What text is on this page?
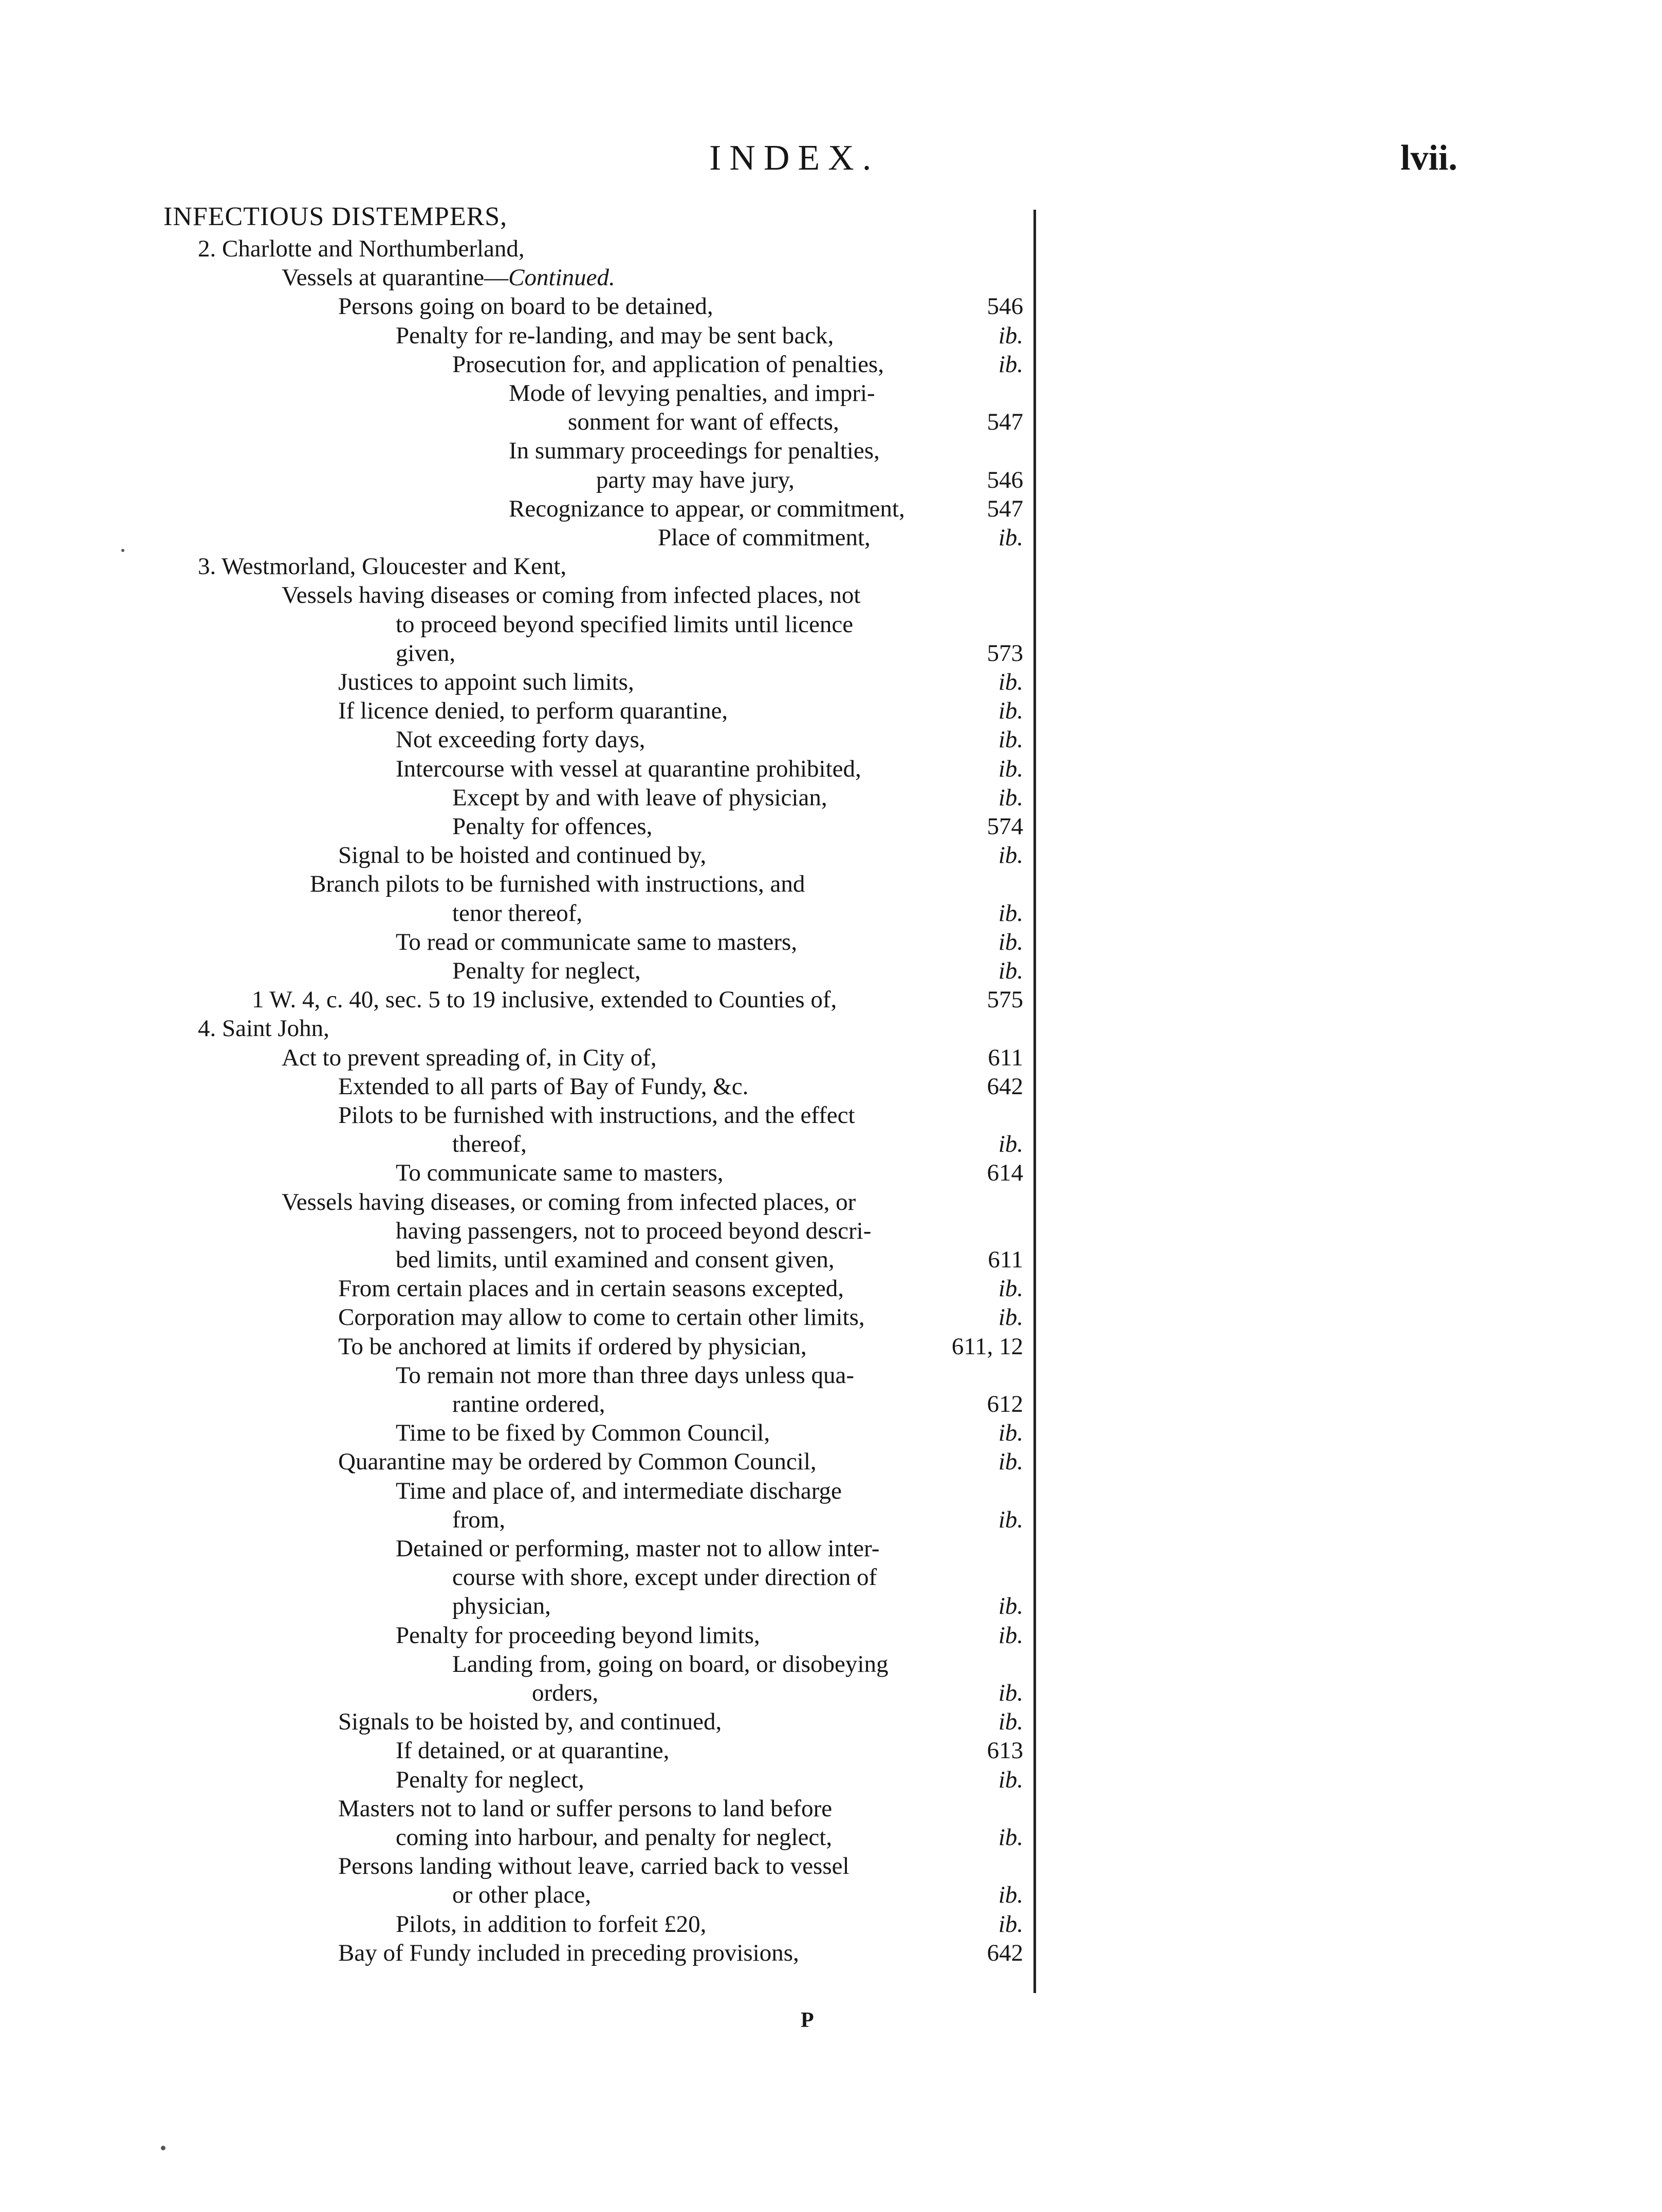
INDEX.	lvii.
INFECTIOUS DISTEMPERS,
2. Charlotte and Northumberland,
Vessels at quarantine—Continued.
Persons going on board to be detained,	546
Penalty for re-landing, and may be sent back,	ib.
Prosecution for, and application of penalties,	ib.
Mode of levying penalties, and impri-
sonment for want of effects,	547
In summary proceedings for penalties,
party may have jury,	546
Recognizance to appear, or commitment,	547
Place of commitment,	ib.
3. Westmorland, Gloucester and Kent,
Vessels having diseases or coming from infected places, not
to proceed beyond specified limits until licence
given,	573
Justices to appoint such limits,	ib.
If licence denied, to perform quarantine,	ib.
Not exceeding forty days,	ib.
Intercourse with vessel at quarantine prohibited,	ib.
Except by and with leave of physician,	ib.
Penalty for offences,	574
Signal to be hoisted and continued by,	ib.
Branch pilots to be furnished with instructions, and
tenor thereof,	ib.
To read or communicate same to masters,	ib.
Penalty for neglect,	ib.
1 W. 4, c. 40, sec. 5 to 19 inclusive, extended to Counties of,	575
4. Saint John,
Act to prevent spreading of, in City of,	611
Extended to all parts of Bay of Fundy, &c.	642
Pilots to be furnished with instructions, and the effect
thereof,	ib.
To communicate same to masters,	614
Vessels having diseases, or coming from infected places, or
having passengers, not to proceed beyond descri-
bed limits, until examined and consent given,	611
From certain places and in certain seasons excepted,	ib.
Corporation may allow to come to certain other limits,	ib.
To be anchored at limits if ordered by physician,	611, 12
To remain not more than three days unless qua-
rantine ordered,	612
Time to be fixed by Common Council,	ib.
Quarantine may be ordered by Common Council,	ib.
Time and place of, and intermediate discharge
from,	ib.
Detained or performing, master not to allow inter-
course with shore, except under direction of
physician,	ib.
Penalty for proceeding beyond limits,	ib.
Landing from, going on board, or disobeying
orders,	ib.
Signals to be hoisted by, and continued,	ib.
If detained, or at quarantine,	613
Penalty for neglect,	ib.
Masters not to land or suffer persons to land before
coming into harbour, and penalty for neglect,	ib.
Persons landing without leave, carried back to vessel
or other place,	ib.
Pilots, in addition to forfeit £20,	ib.
Bay of Fundy included in preceding provisions,	642
P
